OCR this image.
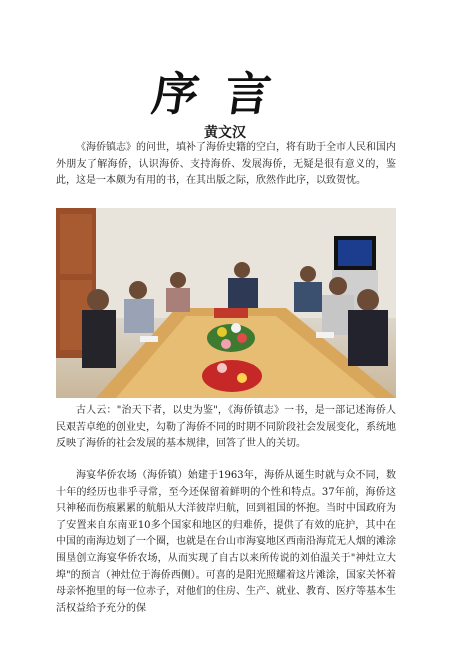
序言
黄文汉

《海侨镇志》的问世，填补了海侨史籍的空白，将有助于全市人民和国内外朋友了解海侨，认识海侨、支持海侨、发展海侨，无疑是很有意义的，鉴此，这是一本颇为有用的书，在其出版之际，欣然作此序，以致贺忱。

古人云："治天下者，以史为鉴"，《海侨镇志》一书，是一部记述海侨人民艰苦卓绝的创业史，勾勒了海侨不同的时期不同阶段社会发展变化，系统地反映了海侨的社会发展的基本规律，回答了世人的关切。

海宴华侨农场（海侨镇）始建于1963年，海侨从诞生时就与众不同，数十年的经历也非乎寻常，至今还保留着鲜明的个性和特点。37年前，海侨这只神秘而伤痕累累的航船从大洋彼岸归航，回到祖国的怀抱。当时中国政府为了安置来自东南亚10多个国家和地区的归难侨，提供了有效的庇护，其中在中国的南海边划了一个圈，也就是在台山市海宴地区西南沿海荒无人烟的滩涂围垦创立海宴华侨农场，从而实现了自古以来所传说的刘伯温关于"神灶立大埠"的预言（神灶位于海侨西侧）。可喜的是阳光照耀着这片滩涂，国家关怀着母亲怀抱里的每一位赤子，对他们的住房、生产、就业、教育、医疗等基本生活权益给予充分的保
